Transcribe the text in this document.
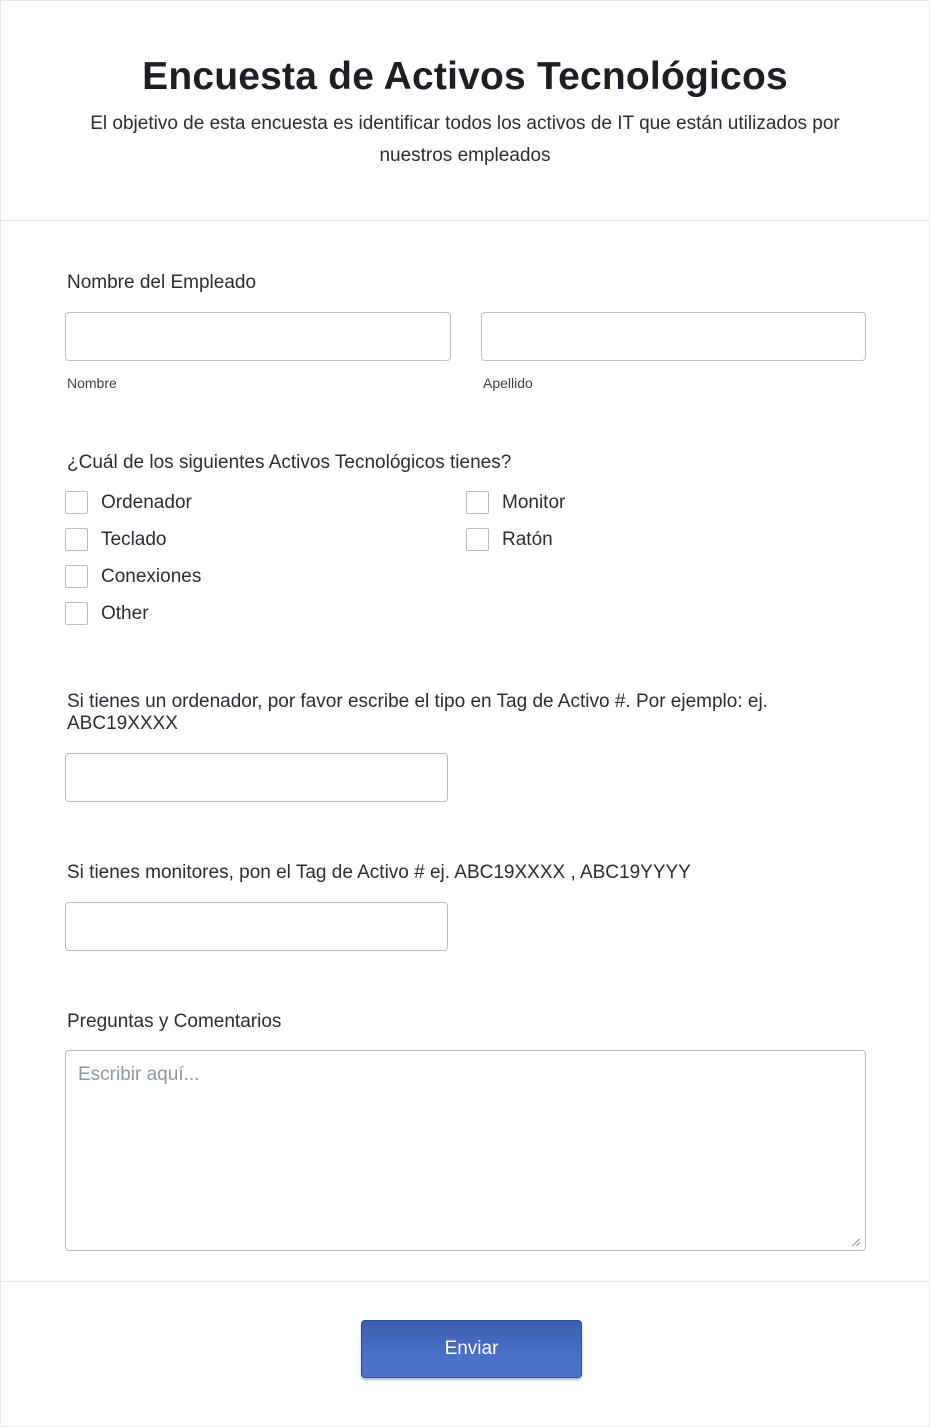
Encuesta de Activos Tecnológicos

El objetivo de esta encuesta es identificar todos los activos de IT que están utilizados por nuestros empleados

Nombre del Empleado
Nombre	Apellido
¿Cuál de los siguientes Activos Tecnológicos tienes?
Ordenador	Monitor
Teclado	Ratón
Conexiones
Other
Si tienes un ordenador, por favor escribe el tipo en Tag de Activo #. Por ejemplo: ej. ABC19XXXX
Si tienes monitores, pon el Tag de Activo # ej. ABC19XXXX , ABC19YYYY
Preguntas y Comentarios
Escribir aquí...
Enviar
